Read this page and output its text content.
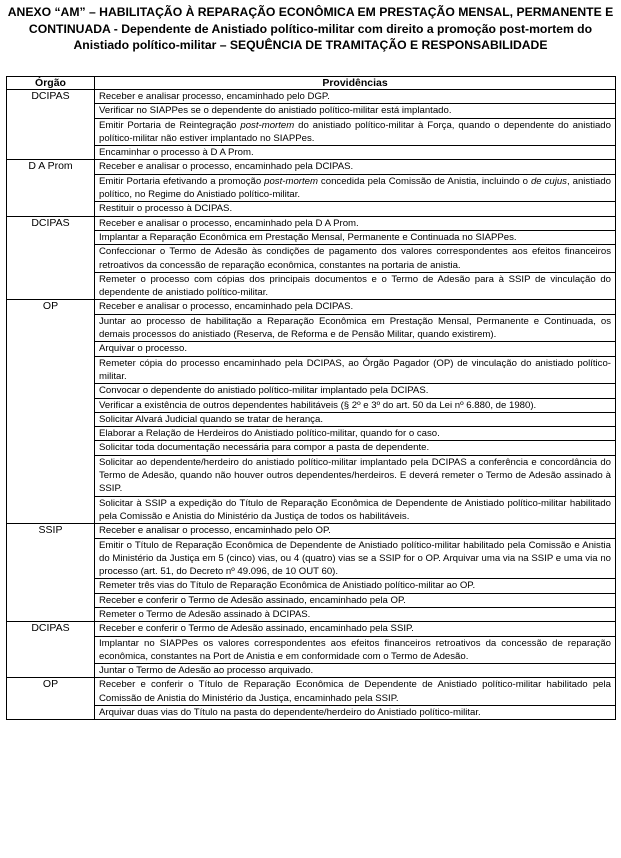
ANEXO “AM” – HABILITAÇÃO À REPARAÇÃO ECONÔMICA EM PRESTAÇÃO MENSAL, PERMANENTE E
CONTINUADA - Dependente de Anistiado político-militar com direito a promoção post-mortem do
Anistiado político-militar – SEQUÊNCIA DE TRAMITAÇÃO E RESPONSABILIDADE
Órgão	Providências
DCIPAS	Receber e analisar processo, encaminhado pelo DGP.
	Verificar no SIAPPes se o dependente do anistiado político-militar está implantado.
	Emitir Portaria de Reintegração post-mortem do anistiado político-militar à Força, quando o dependente do anistiado político-militar não estiver implantado no SIAPPes.
	Encaminhar o processo à D A Prom.
D A Prom	Receber e analisar o processo, encaminhado pela DCIPAS.
	Emitir Portaria efetivando a promoção post-mortem concedida pela Comissão de Anistia, incluindo o de cujus, anistiado político, no Regime do Anistiado político-militar.
	Restituir o processo à DCIPAS.
DCIPAS	Receber e analisar o processo, encaminhado pela D A Prom.
	Implantar a Reparação Econômica em Prestação Mensal, Permanente e Continuada no SIAPPes.
	Confeccionar o Termo de Adesão às condições de pagamento dos valores correspondentes aos efeitos financeiros retroativos da concessão de reparação econômica, constantes na portaria de anistia.
	Remeter o processo com cópias dos principais documentos e o Termo de Adesão para à SSIP de vinculação do dependente de anistiado político-militar.
OP	Receber e analisar o processo, encaminhado pela DCIPAS.
	Juntar ao processo de habilitação a Reparação Econômica em Prestação Mensal, Permanente e Continuada, os demais processos do anistiado (Reserva, de Reforma e de Pensão Militar, quando existirem).
	Arquivar o processo.
	Remeter cópia do processo encaminhado pela DCIPAS, ao Órgão Pagador (OP) de vinculação do anistiado político-militar.
	Convocar o dependente do anistiado político-militar implantado pela DCIPAS.
	Verificar a existência de outros dependentes habilitáveis (§ 2º e 3º do art. 50 da Lei nº 6.880, de 1980).
	Solicitar Alvará Judicial quando se tratar de herança.
	Elaborar a Relação de Herdeiros do Anistiado político-militar, quando for o caso.
	Solicitar toda documentação necessária para compor a pasta de dependente.
	Solicitar ao dependente/herdeiro do anistiado político-militar implantado pela DCIPAS a conferência e concordância do Termo de Adesão, quando não houver outros dependentes/herdeiros. E deverá remeter o Termo de Adesão assinado à SSIP.
	Solicitar à SSIP a expedição do Título de Reparação Econômica de Dependente de Anistiado político-militar habilitado pela Comissão e Anistia do Ministério da Justiça de todos os habilitáveis.
SSIP	Receber e analisar o processo, encaminhado pelo OP.
	Emitir o Título de Reparação Econômica de Dependente de Anistiado político-militar habilitado pela Comissão e Anistia do Ministério da Justiça em 5 (cinco) vias, ou 4 (quatro) vias se a SSIP for o OP. Arquivar uma via na SSIP e uma via no processo (art. 51, do Decreto nº 49.096, de 10 OUT 60).
	Remeter três vias do Título de Reparação Econômica de Anistiado político-militar ao OP.
	Receber e conferir o Termo de Adesão assinado, encaminhado pela OP.
	Remeter o Termo de Adesão assinado à DCIPAS.
DCIPAS	Receber e conferir o Termo de Adesão assinado, encaminhado pela SSIP.
	Implantar no SIAPPes os valores correspondentes aos efeitos financeiros retroativos da concessão de reparação econômica, constantes na Port de Anistia e em conformidade com o Termo de Adesão.
	Juntar o Termo de Adesão ao processo arquivado.
OP	Receber e conferir o Título de Reparação Econômica de Dependente de Anistiado político-militar habilitado pela Comissão de Anistia do Ministério da Justiça, encaminhado pela SSIP.
	Arquivar duas vias do Título na pasta do dependente/herdeiro do Anistiado político-militar.
